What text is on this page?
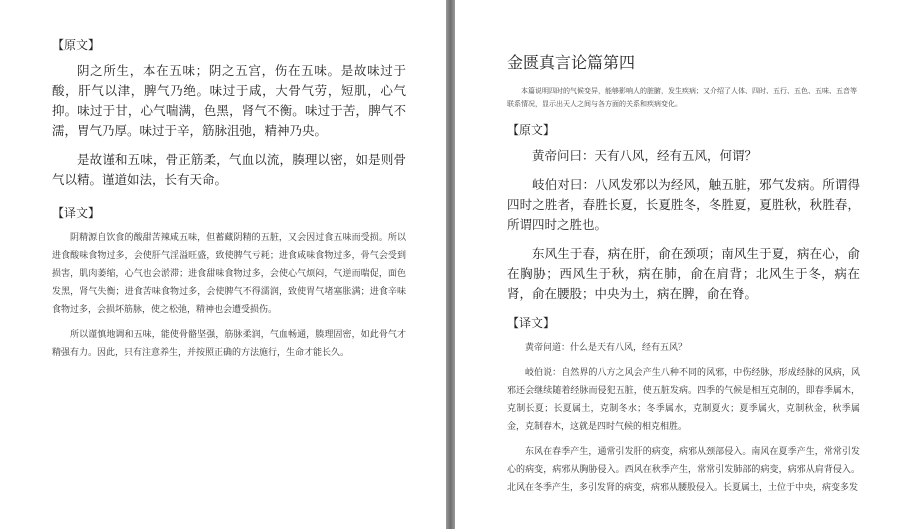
【原文】

阴之所生，本在五味；阴之五宫，伤在五味。是故味过于酸，肝气以津，脾气乃绝。味过于咸，大骨气劳，短肌，心气抑。味过于甘，心气喘满，色黑，肾气不衡。味过于苦，脾气不濡，胃气乃厚。味过于辛，筋脉沮弛，精神乃央。

是故谨和五味，骨正筋柔，气血以流，腠理以密，如是则骨气以精。谨道如法，长有天命。

【译文】

阴精源自饮食的酸甜苦辣咸五味，但蓄藏阴精的五脏，又会因过食五味而受损。所以进食酸味食物过多，会使肝气淫溢旺盛，致使脾气亏耗；进食咸味食物过多，骨气会受到损害，肌肉萎缩，心气也会淤滞；进食甜味食物过多，会使心气烦闷，气逆而喘促，面色发黑，肾气失衡；进食苦味食物过多，会使脾气不得濡润，致使胃气堵塞胀满；进食辛味食物过多，会损坏筋脉，使之松弛，精神也会遭受损伤。

所以谨慎地调和五味，能使骨骼坚强，筋脉柔润，气血畅通，腠理固密，如此骨气才精强有力。因此，只有注意养生，并按照正确的方法施行，生命才能长久。

金匮真言论篇第四

本篇说明四时的气候变异，能够影响人的脏腑，发生疾病；又介绍了人体、四时、五行、五色、五味、五音等联系情况，显示出天人之间与各方面的关系和疾病变化。

【原文】

黄帝问曰：天有八风，经有五风，何谓？

岐伯对曰：八风发邪以为经风，触五脏，邪气发病。所谓得四时之胜者，春胜长夏，长夏胜冬，冬胜夏，夏胜秋，秋胜春，所谓四时之胜也。

东风生于春，病在肝，俞在颈项；南风生于夏，病在心，俞在胸胁；西风生于秋，病在肺，俞在肩背；北风生于冬，病在肾，俞在腰股；中央为土，病在脾，俞在脊。

【译文】

黄帝问道：什么是天有八风，经有五风？

岐伯说：自然界的八方之风会产生八种不同的风邪，中伤经脉，形成经脉的风病，风邪还会继续随着经脉而侵犯五脏，使五脏发病。四季的气候是相互克制的，即春季属木，克制长夏；长夏属土，克制冬水；冬季属水，克制夏火；夏季属火，克制秋金，秋季属金，克制春木，这就是四时气候的相克相胜。

东风在春季产生，通常引发肝的病变，病邪从颈部侵入。南风在夏季产生，常常引发心的病变，病邪从胸胁侵入。西风在秋季产生，常常引发肺部的病变，病邪从肩背侵入。北风在冬季产生，多引发肾的病变，病邪从腰股侵入。长夏属土，土位于中央，病变多发
